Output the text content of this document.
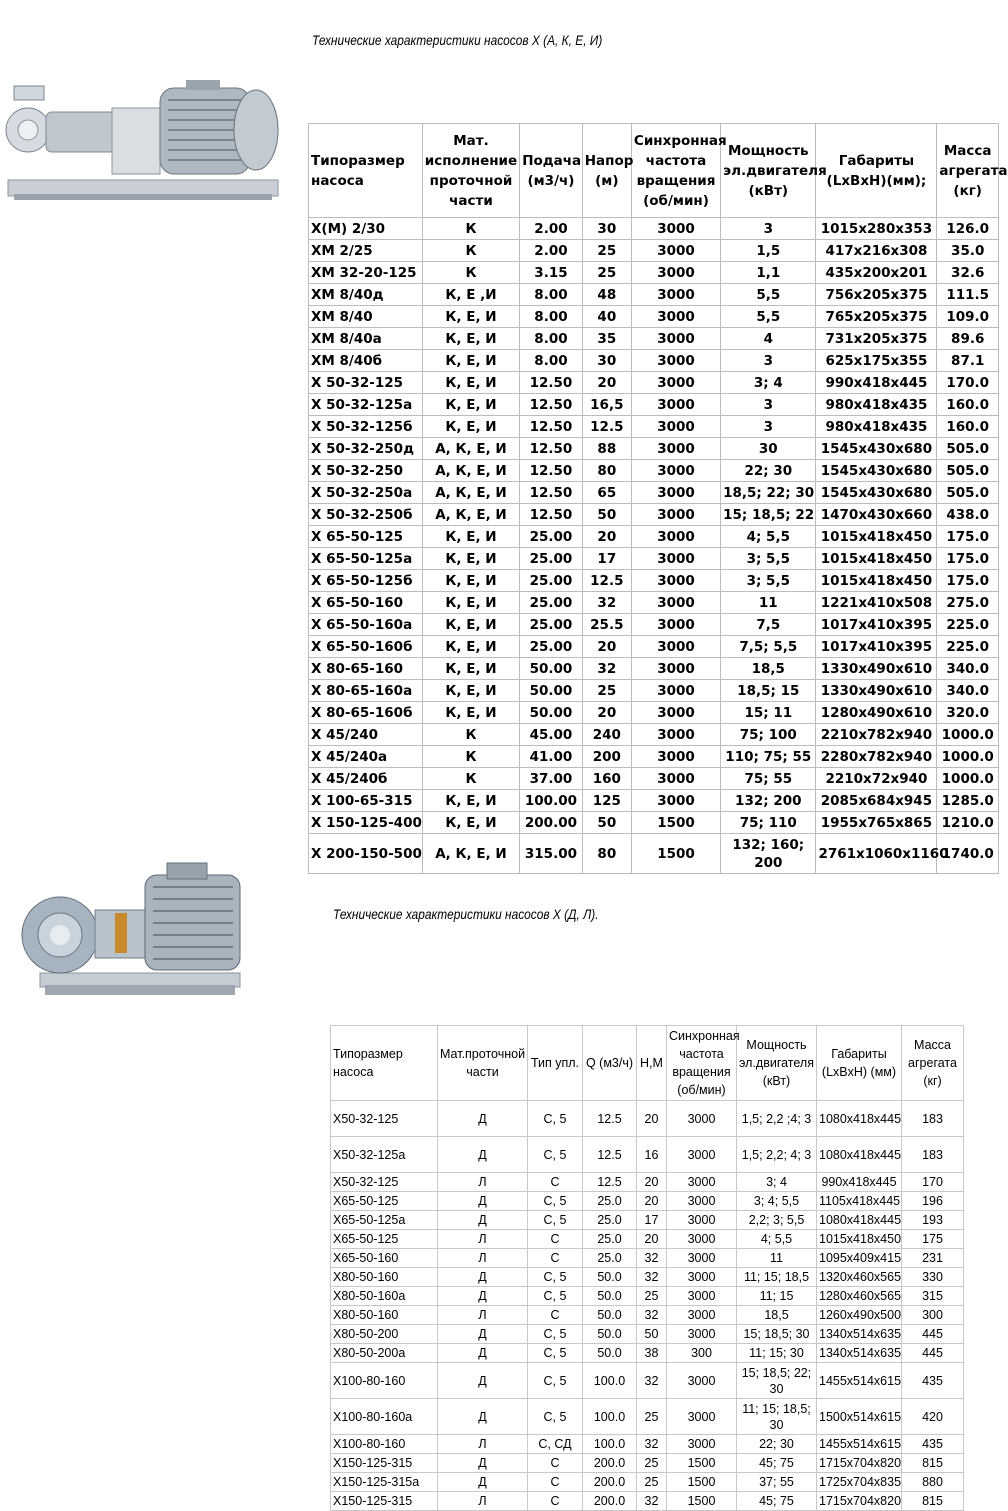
Технические характеристики насосов Х (А, К, Е, И)
Типоразмер насоса	Мат. исполнение проточной части	Подача (м3/ч)	Напор (м)	Синхронная частота вращения (об/мин)	Мощность эл.двигателя (кВт)	Габариты (LxBxH)(мм);	Масса агрегата (кг)
Х(М) 2/30	К	2.00	30	3000	3	1015x280x353	126.0
ХМ 2/25	К	2.00	25	3000	1,5	417x216x308	35.0
ХМ 32-20-125	К	3.15	25	3000	1,1	435x200x201	32.6
ХМ 8/40д	К, Е ,И	8.00	48	3000	5,5	756x205x375	111.5
ХМ 8/40	К, Е, И	8.00	40	3000	5,5	765x205x375	109.0
ХМ 8/40а	К, Е, И	8.00	35	3000	4	731x205x375	89.6
ХМ 8/40б	К, Е, И	8.00	30	3000	3	625x175x355	87.1
Х 50-32-125	К, Е, И	12.50	20	3000	3; 4	990x418x445	170.0
Х 50-32-125а	К, Е, И	12.50	16,5	3000	3	980x418x435	160.0
Х 50-32-125б	К, Е, И	12.50	12.5	3000	3	980x418x435	160.0
Х 50-32-250д	А, К, Е, И	12.50	88	3000	30	1545x430x680	505.0
Х 50-32-250	А, К, Е, И	12.50	80	3000	22; 30	1545x430x680	505.0
Х 50-32-250а	А, К, Е, И	12.50	65	3000	18,5; 22; 30	1545x430x680	505.0
Х 50-32-250б	А, К, Е, И	12.50	50	3000	15; 18,5; 22	1470x430x660	438.0
Х 65-50-125	К, Е, И	25.00	20	3000	4; 5,5	1015x418x450	175.0
Х 65-50-125а	К, Е, И	25.00	17	3000	3; 5,5	1015x418x450	175.0
Х 65-50-125б	К, Е, И	25.00	12.5	3000	3; 5,5	1015x418x450	175.0
Х 65-50-160	К, Е, И	25.00	32	3000	11	1221x410x508	275.0
Х 65-50-160а	К, Е, И	25.00	25.5	3000	7,5	1017x410x395	225.0
Х 65-50-160б	К, Е, И	25.00	20	3000	7,5; 5,5	1017x410x395	225.0
Х 80-65-160	К, Е, И	50.00	32	3000	18,5	1330x490x610	340.0
Х 80-65-160а	К, Е, И	50.00	25	3000	18,5; 15	1330x490x610	340.0
Х 80-65-160б	К, Е, И	50.00	20	3000	15; 11	1280x490x610	320.0
Х 45/240	К	45.00	240	3000	75; 100	2210x782x940	1000.0
Х 45/240а	К	41.00	200	3000	110; 75; 55	2280x782x940	1000.0
Х 45/240б	К	37.00	160	3000	75; 55	2210x72x940	1000.0
Х 100-65-315	К, Е, И	100.00	125	3000	132; 200	2085x684x945	1285.0
Х 150-125-400	К, Е, И	200.00	50	1500	75; 110	1955x765x865	1210.0
Х 200-150-500	А, К, Е, И	315.00	80	1500	132; 160; 200	2761x1060x1160	1740.0
Технические характеристики насосов Х (Д, Л).
Типоразмер насоса	Мат.проточной части	Тип упл.	Q (м3/ч)	H,M	Синхронная частота вращения (об/мин)	Мощность эл.двигателя (кВт)	Габариты (LxBxH) (мм)	Масса агрегата (кг)
Х50-32-125	Д	С, 5	12.5	20	3000	1,5; 2,2 ;4; 3	1080x418x445	183
Х50-32-125а	Д	С, 5	12.5	16	3000	1,5; 2,2; 4; 3	1080x418x445	183
Х50-32-125	Л	С	12.5	20	3000	3; 4	990x418x445	170
Х65-50-125	Д	С, 5	25.0	20	3000	3; 4; 5,5	1105x418x445	196
Х65-50-125а	Д	С, 5	25.0	17	3000	2,2; 3; 5,5	1080x418x445	193
Х65-50-125	Л	С	25.0	20	3000	4; 5,5	1015x418x450	175
Х65-50-160	Л	С	25.0	32	3000	11	1095x409x415	231
Х80-50-160	Д	С, 5	50.0	32	3000	11; 15; 18,5	1320x460x565	330
Х80-50-160а	Д	С, 5	50.0	25	3000	11; 15	1280x460x565	315
Х80-50-160	Л	С	50.0	32	3000	18,5	1260x490x500	300
Х80-50-200	Д	С, 5	50.0	50	3000	15; 18,5; 30	1340x514x635	445
Х80-50-200а	Д	С, 5	50.0	38	300	11; 15; 30	1340x514x635	445
Х100-80-160	Д	С, 5	100.0	32	3000	15; 18,5; 22; 30	1455x514x615	435
Х100-80-160а	Д	С, 5	100.0	25	3000	11; 15; 18,5; 30	1500x514x615	420
Х100-80-160	Л	С, СД	100.0	32	3000	22; 30	1455x514x615	435
Х150-125-315	Д	С	200.0	25	1500	45; 75	1715x704x820	815
Х150-125-315а	Д	С	200.0	25	1500	37; 55	1725x704x835	880
Х150-125-315	Л	С	200.0	32	1500	45; 75	1715x704x820	815
